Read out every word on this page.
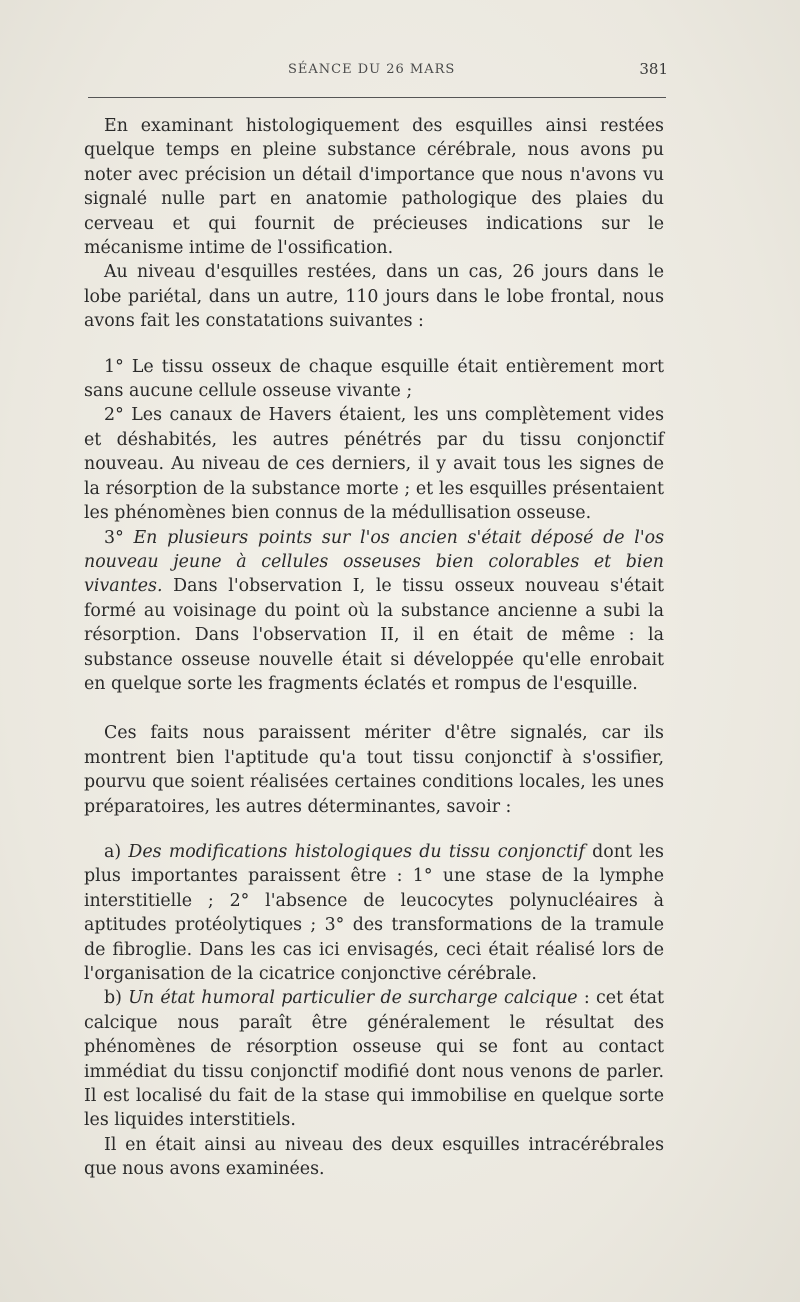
SÉANCE DU 26 MARS	381

En examinant histologiquement des esquilles ainsi restées quelque temps en pleine substance cérébrale, nous avons pu noter avec précision un détail d'importance que nous n'avons vu signalé nulle part en anatomie pathologique des plaies du cerveau et qui fournit de précieuses indications sur le mécanisme intime de l'ossification.

Au niveau d'esquilles restées, dans un cas, 26 jours dans le lobe pariétal, dans un autre, 110 jours dans le lobe frontal, nous avons fait les constatations suivantes :

1° Le tissu osseux de chaque esquille était entièrement mort sans aucune cellule osseuse vivante ;

2° Les canaux de Havers étaient, les uns complètement vides et déshabités, les autres pénétrés par du tissu conjonctif nouveau. Au niveau de ces derniers, il y avait tous les signes de la résorption de la substance morte ; et les esquilles présentaient les phénomènes bien connus de la médullisation osseuse.

3° En plusieurs points sur l'os ancien s'était déposé de l'os nouveau jeune à cellules osseuses bien colorables et bien vivantes. Dans l'observation I, le tissu osseux nouveau s'était formé au voisinage du point où la substance ancienne a subi la résorption. Dans l'observation II, il en était de même : la substance osseuse nouvelle était si développée qu'elle enrobait en quelque sorte les fragments éclatés et rompus de l'esquille.

Ces faits nous paraissent mériter d'être signalés, car ils montrent bien l'aptitude qu'a tout tissu conjonctif à s'ossifier, pourvu que soient réalisées certaines conditions locales, les unes préparatoires, les autres déterminantes, savoir :

a) Des modifications histologiques du tissu conjonctif dont les plus importantes paraissent être : 1° une stase de la lymphe interstitielle ; 2° l'absence de leucocytes polynucléaires à aptitudes protéolytiques ; 3° des transformations de la tramule de fibroglie. Dans les cas ici envisagés, ceci était réalisé lors de l'organisation de la cicatrice conjonctive cérébrale.

b) Un état humoral particulier de surcharge calcique : cet état calcique nous paraît être généralement le résultat des phénomènes de résorption osseuse qui se font au contact immédiat du tissu conjonctif modifié dont nous venons de parler. Il est localisé du fait de la stase qui immobilise en quelque sorte les liquides interstitiels.

Il en était ainsi au niveau des deux esquilles intracérébrales que nous avons examinées.
